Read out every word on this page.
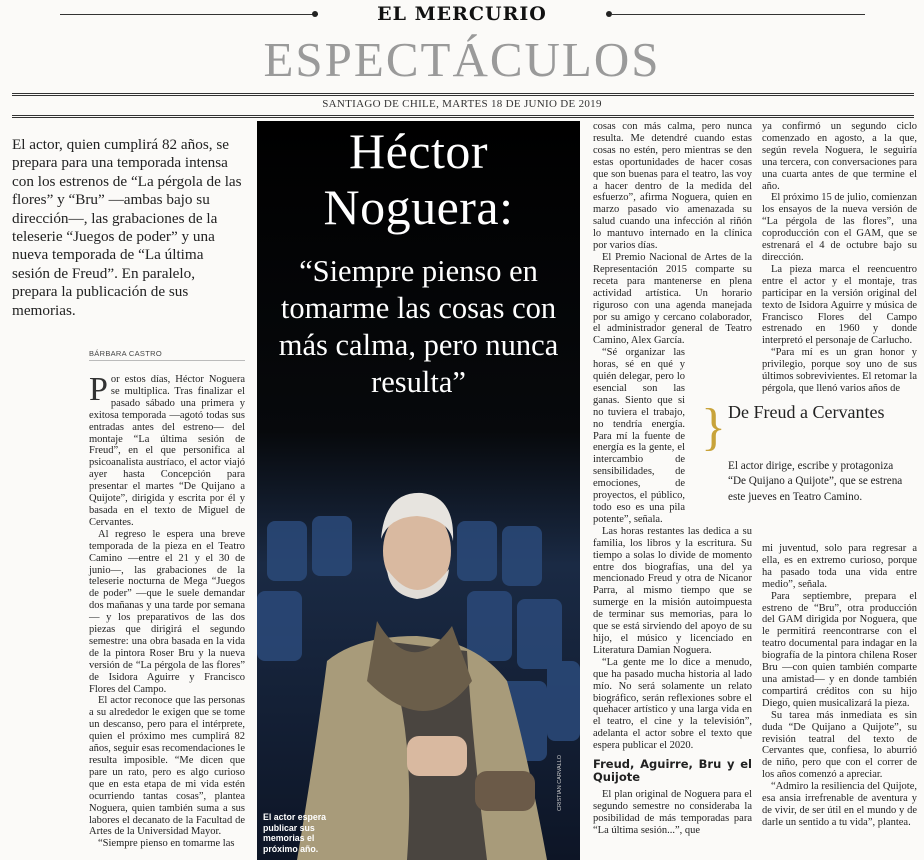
EL MERCURIO
ESPECTÁCULOS
SANTIAGO DE CHILE, MARTES 18 DE JUNIO DE 2019
El actor, quien cumplirá 82 años, se prepara para una temporada intensa con los estrenos de “La pérgola de las flores” y “Bru” —ambas bajo su dirección—, las grabaciones de la teleserie “Juegos de poder” y una nueva temporada de “La última sesión de Freud”. En paralelo, prepara la publicación de sus memorias.
BÁRBARA CASTRO

Por estos días, Héctor Noguera se multiplica. Tras finalizar el pasado sábado una primera y exitosa temporada —agotó todas sus entradas antes del estreno— del montaje “La última sesión de Freud”, en el que personifica al psicoanalista austríaco, el actor viajó ayer hasta Concepción para presentar el martes “De Quijano a Quijote”, dirigida y escrita por él y basada en el texto de Miguel de Cervantes.

Al regreso le espera una breve temporada de la pieza en el Teatro Camino —entre el 21 y el 30 de junio—, las grabaciones de la teleserie nocturna de Mega “Juegos de poder” —que le suele demandar dos mañanas y una tarde por semana— y los preparativos de las dos piezas que dirigirá el segundo semestre: una obra basada en la vida de la pintora Roser Bru y la nueva versión de “La pérgola de las flores” de Isidora Aguirre y Francisco Flores del Campo.

El actor reconoce que las personas a su alrededor le exigen que se tome un descanso, pero para el intérprete, quien el próximo mes cumplirá 82 años, seguir esas recomendaciones le resulta imposible. “Me dicen que pare un rato, pero es algo curioso que en esta etapa de mi vida estén ocurriendo tantas cosas”, plantea Noguera, quien también suma a sus labores el decanato de la Facultad de Artes de la Universidad Mayor.

“Siempre pienso en tomarme las

Héctor Noguera:
“Siempre pienso en tomarme las cosas con más calma, pero nunca resulta”
El actor espera publicar sus memorias el próximo año.
CRISTIAN CARVALLO

cosas con más calma, pero nunca resulta. Me detendré cuando estas cosas no estén, pero mientras se den estas oportunidades de hacer cosas que son buenas para el teatro, las voy a hacer dentro de la medida del esfuerzo”, afirma Noguera, quien en marzo pasado vio amenazada su salud cuando una infección al riñón lo mantuvo internado en la clínica por varios días.

El Premio Nacional de Artes de la Representación 2015 comparte su receta para mantenerse en plena actividad artística. Un horario riguroso con una agenda manejada por su amigo y cercano colaborador, el administrador general de Teatro Camino, Alex García.

“Sé organizar las horas, sé en qué y quién delegar, pero lo esencial son las ganas. Siento que si no tuviera el trabajo, no tendría energía. Para mí la fuente de energía es la gente, el intercambio de sensibilidades, de emociones, de proyectos, el público, todo eso es una pila potente”, señala.

Las horas restantes las dedica a su familia, los libros y la escritura. Su tiempo a solas lo divide de momento entre dos biografías, una del ya mencionado Freud y otra de Nicanor Parra, al mismo tiempo que se sumerge en la misión autoimpuesta de terminar sus memorias, para lo que se está sirviendo del apoyo de su hijo, el músico y licenciado en Literatura Damian Noguera.

“La gente me lo dice a menudo, que ha pasado mucha historia al lado mío. No será solamente un relato biográfico, serán reflexiones sobre el quehacer artístico y una larga vida en el teatro, el cine y la televisión”, adelanta el actor sobre el texto que espera publicar el 2020.

Freud, Aguirre, Bru y el Quijote

El plan original de Noguera para el segundo semestre no consideraba la posibilidad de más temporadas para “La última sesión...”, que

ya confirmó un segundo ciclo comenzado en agosto, a la que, según revela Noguera, le seguiría una tercera, con conversaciones para una cuarta antes de que termine el año.

El próximo 15 de julio, comienzan los ensayos de la nueva versión de “La pérgola de las flores”, una coproducción con el GAM, que se estrenará el 4 de octubre bajo su dirección.

La pieza marca el reencuentro entre el actor y el montaje, tras participar en la versión original del texto de Isidora Aguirre y música de Francisco Flores del Campo estrenado en 1960 y donde interpretó el personaje de Carlucho.

“Para mí es un gran honor y privilegio, porque soy uno de sus últimos sobrevivientes. El retomar la pérgola, que llenó varios años de

} De Freud a Cervantes
El actor dirige, escribe y protagoniza “De Quijano a Quijote”, que se estrena este jueves en Teatro Camino.

mi juventud, solo para regresar a ella, es en extremo curioso, porque ha pasado toda una vida entre medio”, señala.

Para septiembre, prepara el estreno de “Bru”, otra producción del GAM dirigida por Noguera, que le permitirá reencontrarse con el teatro documental para indagar en la biografía de la pintora chilena Roser Bru —con quien también comparte una amistad— y en donde también compartirá créditos con su hijo Diego, quien musicalizará la pieza.

Su tarea más inmediata es sin duda “De Quijano a Quijote”, su revisión teatral del texto de Cervantes que, confiesa, lo aburrió de niño, pero que con el correr de los años comenzó a apreciar.

“Admiro la resiliencia del Quijote, esa ansia irrefrenable de aventura y de vivir, de ser útil en el mundo y de darle un sentido a tu vida”, plantea.
